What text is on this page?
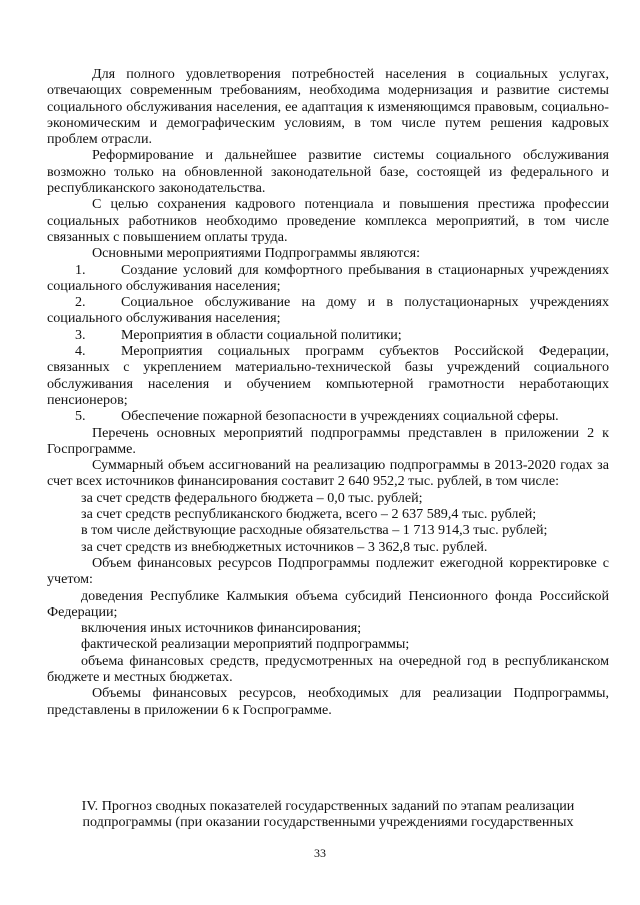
Для полного удовлетворения потребностей населения в социальных услугах, отвечающих современным требованиям, необходима модернизация и развитие системы социального обслуживания населения, ее адаптация к изменяющимся правовым, социально-экономическим и демографическим условиям, в том числе путем решения кадровых проблем отрасли.

Реформирование и дальнейшее развитие системы социального обслуживания возможно только на обновленной законодательной базе, состоящей из федерального и республиканского законодательства.

С целью сохранения кадрового потенциала и повышения престижа профессии социальных работников необходимо проведение комплекса мероприятий, в том числе связанных с повышением оплаты труда.

Основными мероприятиями Подпрограммы являются:

1.	Создание условий для комфортного пребывания в стационарных учреждениях социального обслуживания населения;

2.	Социальное обслуживание на дому и в полустационарных учреждениях социального обслуживания населения;

3.	Мероприятия в области социальной политики;

4.	Мероприятия социальных программ субъектов Российской Федерации, связанных с укреплением материально-технической базы учреждений социального обслуживания населения и обучением компьютерной грамотности неработающих пенсионеров;

5.	Обеспечение пожарной безопасности в учреждениях социальной сферы.

Перечень основных мероприятий подпрограммы представлен в приложении 2 к Госпрограмме.

Суммарный объем ассигнований на реализацию подпрограммы в 2013-2020 годах за счет всех источников финансирования составит 2 640 952,2 тыс. рублей, в том числе:

за счет средств федерального бюджета – 0,0 тыс. рублей;

за счет средств республиканского бюджета, всего – 2 637 589,4 тыс. рублей;

в том числе действующие расходные обязательства – 1 713 914,3 тыс. рублей;

за счет средств из внебюджетных источников – 3 362,8 тыс. рублей.

Объем финансовых ресурсов Подпрограммы подлежит ежегодной корректировке с учетом:

доведения Республике Калмыкия объема субсидий Пенсионного фонда Российской Федерации;

включения иных источников финансирования;

фактической реализации мероприятий подпрограммы;

объема финансовых средств, предусмотренных на очередной год в республиканском бюджете и местных бюджетах.

Объемы финансовых ресурсов, необходимых для реализации Подпрограммы, представлены в приложении 6 к Госпрограмме.

IV. Прогноз сводных показателей государственных заданий по этапам реализации подпрограммы (при оказании государственными учреждениями государственных

33
